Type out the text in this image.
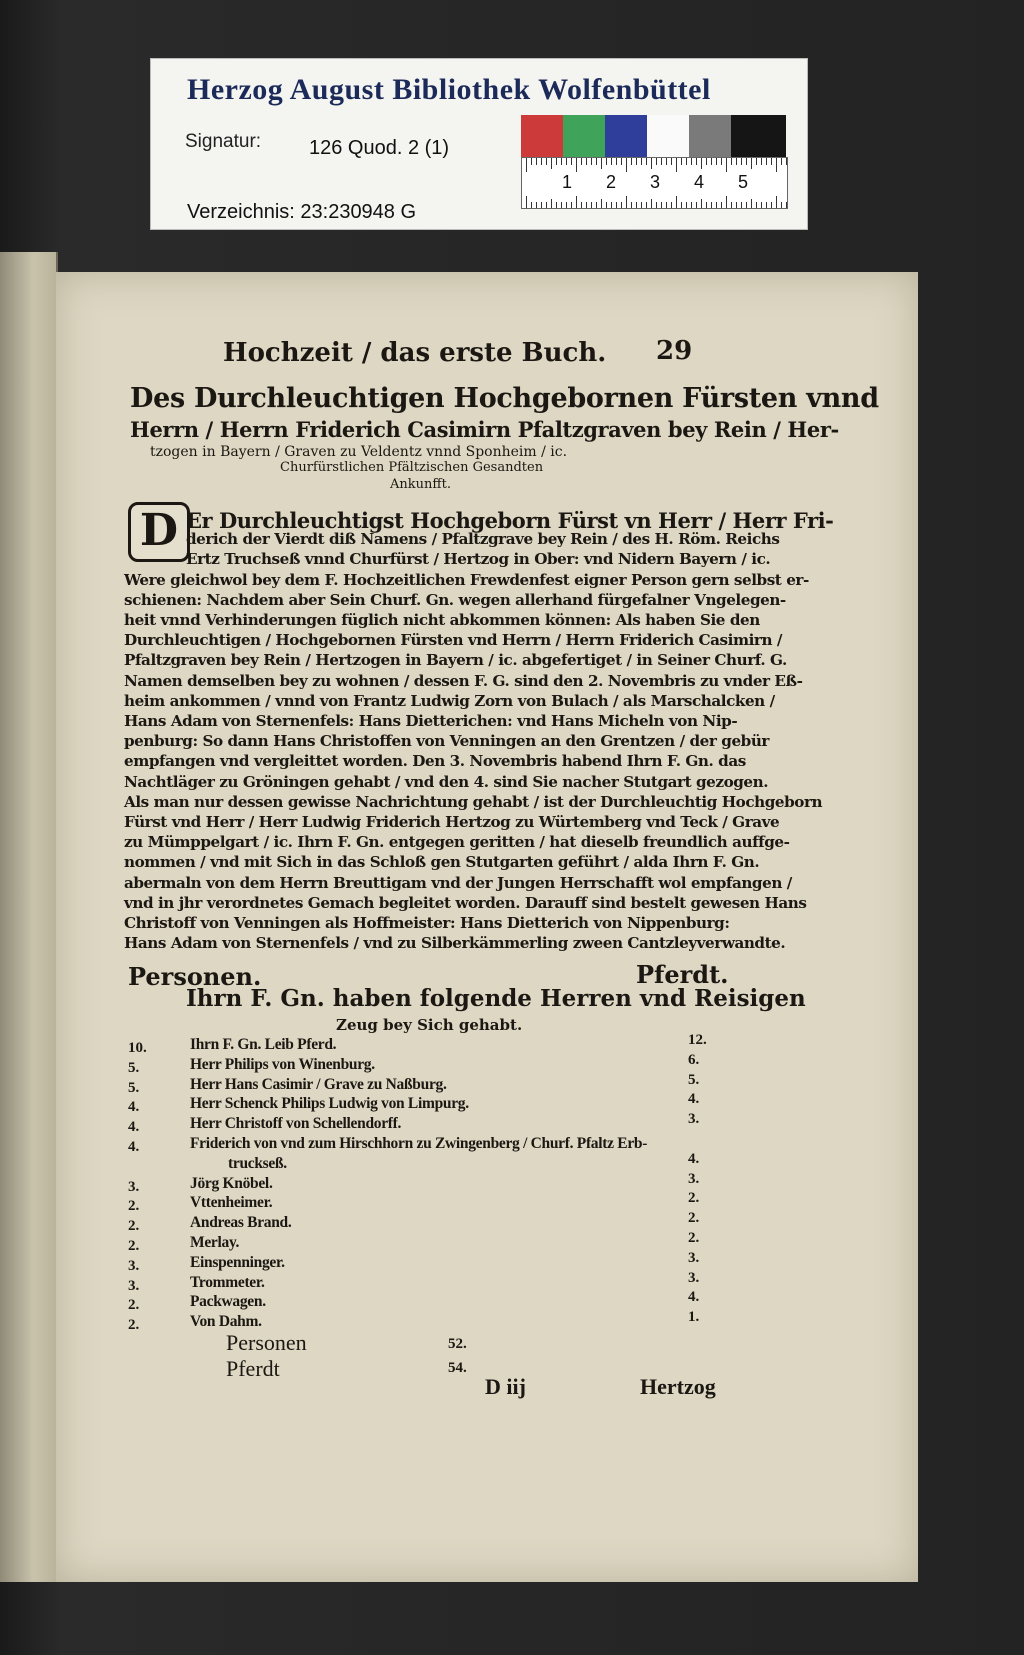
Herzog August Bibliothek Wolfenbüttel
Signatur: 126 Quod. 2 (1)
Verzeichnis: 23:230948 G
1 2 3 4 5
Hochzeit / das erste Buch. 29
Des Durchleuchtigen Hochgebornen Fürsten vnnd
Herrn / Herrn Friderich Casimirn Pfaltzgraven bey Rein / Her-
tzogen in Bayern / Graven zu Veldentz vnnd Sponheim / ic.
Churfürstlichen Pfältzischen Gesandten
Ankunfft.
D Er Durchleuchtigst Hochgeborn Fürst vn Herr / Herr Fri-
derich der Vierdt diß Namens / Pfaltzgrave bey Rein / des H. Röm. Reichs
Ertz Truchseß vnnd Churfürst / Hertzog in Ober: vnd Nidern Bayern / ic.
Were gleichwol bey dem F. Hochzeitlichen Frewdenfest eigner Person gern selbst er-
schienen: Nachdem aber Sein Churf. Gn. wegen allerhand fürgefalner Vngelegen-
heit vnnd Verhinderungen füglich nicht abkommen können: Als haben Sie den
Durchleuchtigen / Hochgebornen Fürsten vnd Herrn / Herrn Friderich Casimirn /
Pfaltzgraven bey Rein / Hertzogen in Bayern / ic. abgefertiget / in Seiner Churf. G.
Namen demselben bey zu wohnen / dessen F. G. sind den 2. Novembris zu vnder Eß-
heim ankommen / vnnd von Frantz Ludwig Zorn von Bulach / als Marschalcken /
Hans Adam von Sternenfels: Hans Dietterichen: vnd Hans Micheln von Nip-
penburg: So dann Hans Christoffen von Venningen an den Grentzen / der gebür
empfangen vnd vergleittet worden. Den 3. Novembris habend Ihrn F. Gn. das
Nachtläger zu Gröningen gehabt / vnd den 4. sind Sie nacher Stutgart gezogen.
Als man nur dessen gewisse Nachrichtung gehabt / ist der Durchleuchtig Hochgeborn
Fürst vnd Herr / Herr Ludwig Friderich Hertzog zu Würtemberg vnd Teck / Grave
zu Mümppelgart / ic. Ihrn F. Gn. entgegen geritten / hat dieselb freundlich auffge-
nommen / vnd mit Sich in das Schloß gen Stutgarten geführt / alda Ihrn F. Gn.
abermaln von dem Herrn Breuttigam vnd der Jungen Herrschafft wol empfangen /
vnd in jhr verordnetes Gemach begleitet worden. Darauff sind bestelt gewesen Hans
Christoff von Venningen als Hoffmeister: Hans Dietterich von Nippenburg:
Hans Adam von Sternenfels / vnd zu Silberkämmerling zween Cantzleyverwandte.
Personen.	Pferdt.
Ihrn F. Gn. haben folgende Herren vnd Reisigen
Zeug bey Sich gehabt.
10.	Ihrn F. Gn. Leib Pferd.	12.
5.	Herr Philips von Winenburg.	6.
5.	Herr Hans Casimir / Grave zu Naßburg.	5.
4.	Herr Schenck Philips Ludwig von Limpurg.	4.
4.	Herr Christoff von Schellendorff.	3.
4.	Friderich von vnd zum Hirschhorn zu Zwingenberg / Churf. Pfaltz Erb-
truckseß.	4.
3.	Jörg Knöbel.	3.
2.	Vttenheimer.	2.
2.	Andreas Brand.	2.
2.	Merlay.	2.
3.	Einspenninger.	3.
3.	Trommeter.	3.
2.	Packwagen.	4.
2.	Von Dahm.	1.
Personen	52.
Pferdt	54.
D iij	Hertzog
